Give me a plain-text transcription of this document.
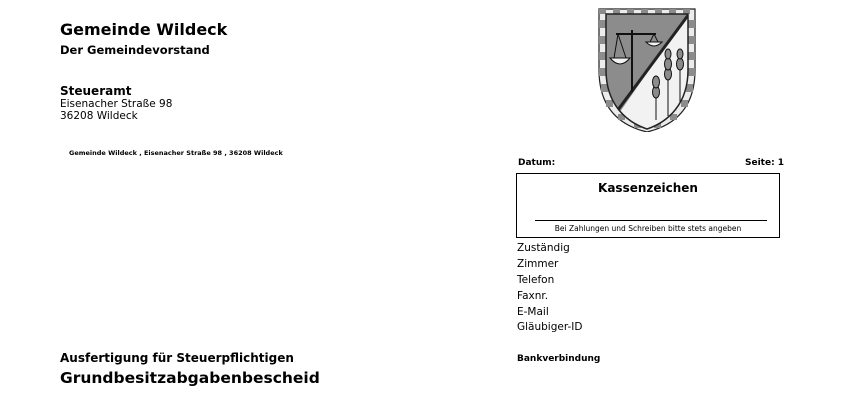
Gemeinde Wildeck
Der Gemeindevorstand
Steueramt
Eisenacher Straße 98
36208 Wildeck
Gemeinde Wildeck , Eisenacher Straße 98 , 36208 Wildeck
Datum:	Seite: 1
Kassenzeichen
Bei Zahlungen und Schreiben bitte stets angeben
Zuständig
Zimmer
Telefon
Faxnr.
E-Mail
Gläubiger-ID
Bankverbindung
Ausfertigung für Steuerpflichtigen
Grundbesitzabgabenbescheid
